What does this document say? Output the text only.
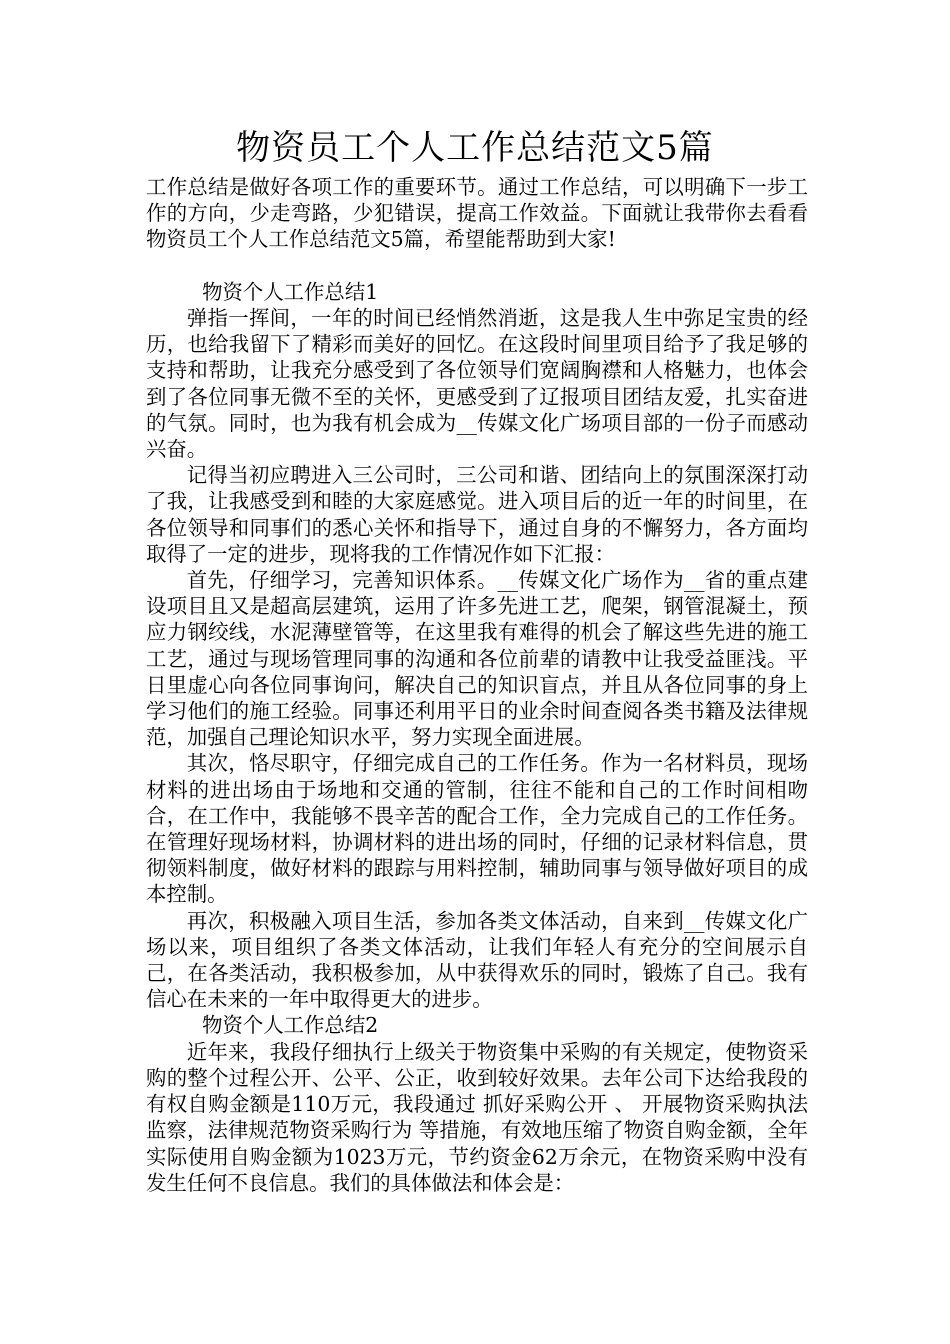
物资员工个人工作总结范文5篇

工作总结是做好各项工作的重要环节。通过工作总结，可以明确下一步工作的方向，少走弯路，少犯错误，提高工作效益。下面就让我带你去看看物资员工个人工作总结范文5篇，希望能帮助到大家!

物资个人工作总结1

弹指一挥间，一年的时间已经悄然消逝，这是我人生中弥足宝贵的经历，也给我留下了精彩而美好的回忆。在这段时间里项目给予了我足够的支持和帮助，让我充分感受到了各位领导们宽阔胸襟和人格魅力，也体会到了各位同事无微不至的关怀，更感受到了辽报项目团结友爱，扎实奋进的气氛。同时，也为我有机会成为__传媒文化广场项目部的一份子而感动兴奋。

记得当初应聘进入三公司时，三公司和谐、团结向上的氛围深深打动了我，让我感受到和睦的大家庭感觉。进入项目后的近一年的时间里，在各位领导和同事们的悉心关怀和指导下，通过自身的不懈努力，各方面均取得了一定的进步，现将我的工作情况作如下汇报：

首先，仔细学习，完善知识体系。__传媒文化广场作为__省的重点建设项目且又是超高层建筑，运用了许多先进工艺，爬架，钢管混凝土，预应力钢绞线，水泥薄壁管等，在这里我有难得的机会了解这些先进的施工工艺，通过与现场管理同事的沟通和各位前辈的请教中让我受益匪浅。平日里虚心向各位同事询问，解决自己的知识盲点，并且从各位同事的身上学习他们的施工经验。同事还利用平日的业余时间查阅各类书籍及法律规范，加强自己理论知识水平，努力实现全面进展。

其次，恪尽职守，仔细完成自己的工作任务。作为一名材料员，现场材料的进出场由于场地和交通的管制，往往不能和自己的工作时间相吻合，在工作中，我能够不畏辛苦的配合工作，全力完成自己的工作任务。在管理好现场材料，协调材料的进出场的同时，仔细的记录材料信息，贯彻领料制度，做好材料的跟踪与用料控制，辅助同事与领导做好项目的成本控制。

再次，积极融入项目生活，参加各类文体活动，自来到__传媒文化广场以来，项目组织了各类文体活动，让我们年轻人有充分的空间展示自己，在各类活动，我积极参加，从中获得欢乐的同时，锻炼了自己。我有信心在未来的一年中取得更大的进步。

物资个人工作总结2

近年来，我段仔细执行上级关于物资集中采购的有关规定，使物资采购的整个过程公开、公平、公正，收到较好效果。去年公司下达给我段的有权自购金额是110万元，我段通过 抓好采购公开 、 开展物资采购执法监察，法律规范物资采购行为 等措施，有效地压缩了物资自购金额，全年实际使用自购金额为1023万元，节约资金62万余元，在物资采购中没有发生任何不良信息。我们的具体做法和体会是：
